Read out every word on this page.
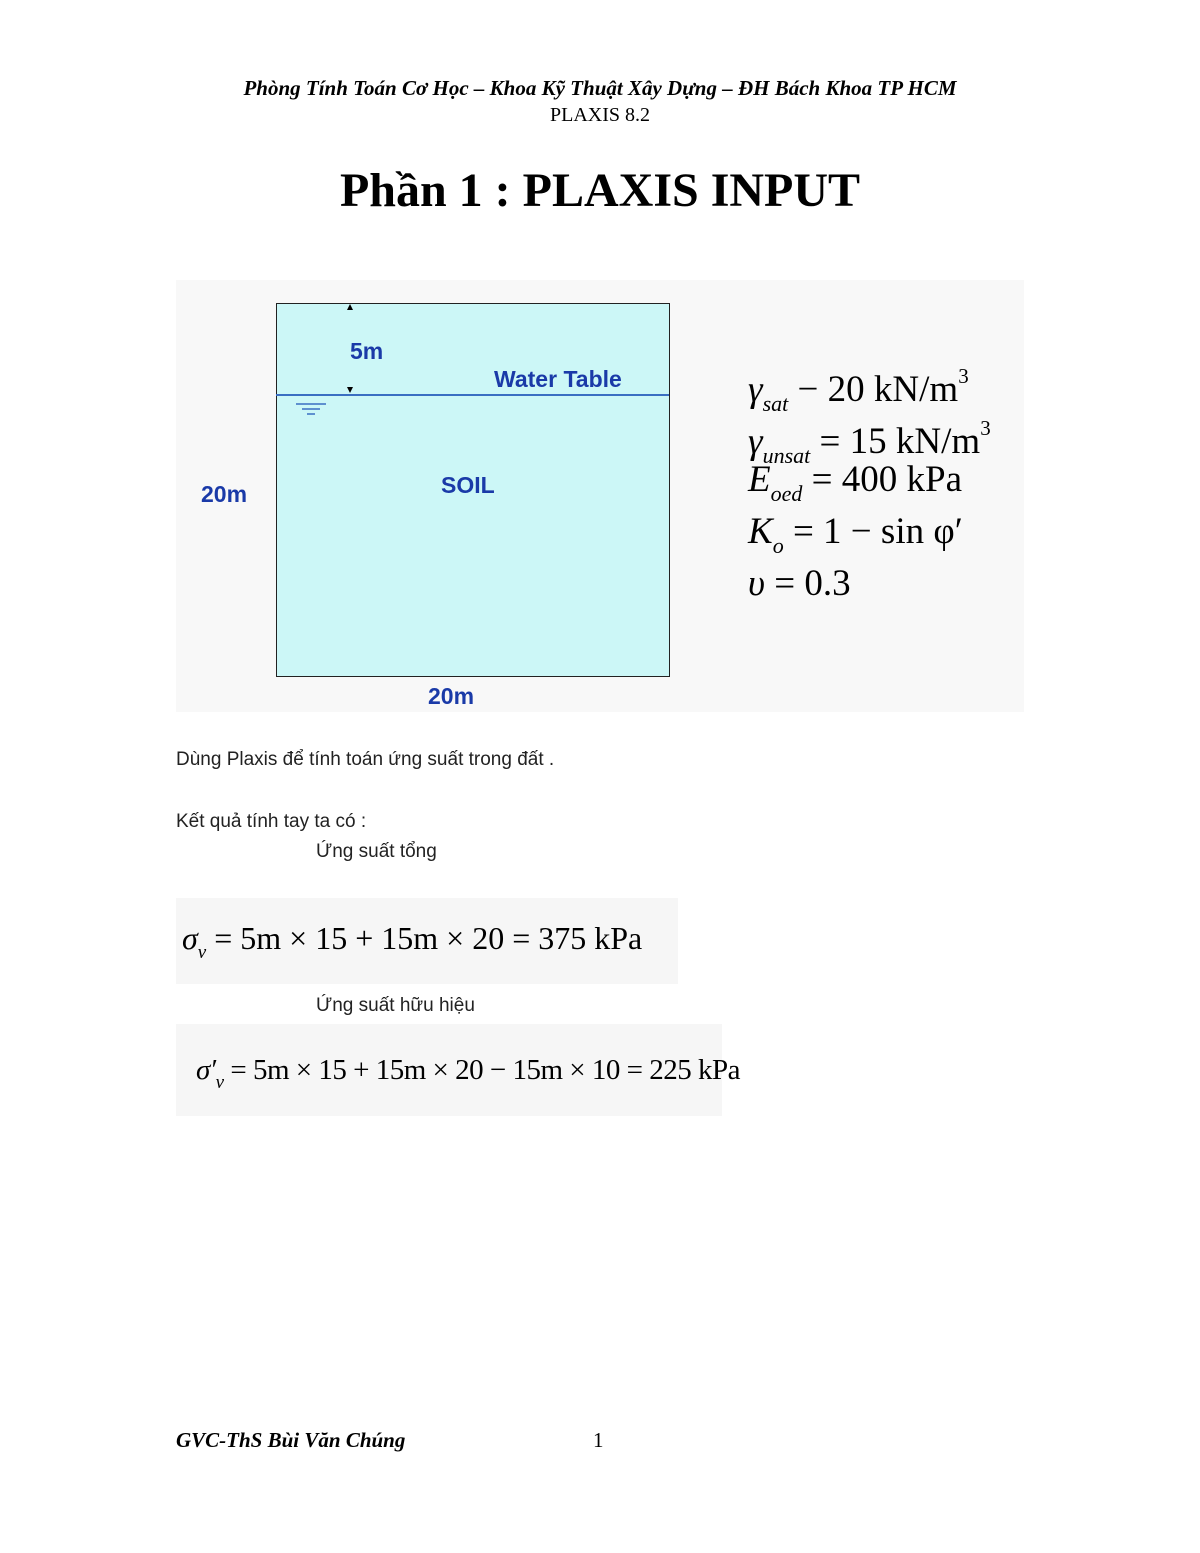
Phòng Tính Toán Cơ Học – Khoa Kỹ Thuật Xây Dựng – ĐH Bách Khoa TP HCM
PLAXIS 8.2
Phần 1 : PLAXIS INPUT
5m
Water Table
SOIL
20m
20m
$\gamma_{sat} - 20$ $kN/m^3$
$\gamma_{unsat} = 15$ $kN/m^3$
$E_{oed} = 400$ kPa
$K_o = 1 - \sin \varphi'$
υ = 0.3
Dùng Plaxis để tính toán ứng suất trong đất .
Kết quả tính tay ta có :
Ứng suất tổng
$\sigma_v = 5m \times 15 + 15m \times 20 = 375$ kPa
Ứng suất hữu hiệu
$\sigma'_v = 5m \times 15 + 15m \times 20 - 15m \times 10 = 225$ kPa
GVC-ThS Bùi Văn Chúng	1
